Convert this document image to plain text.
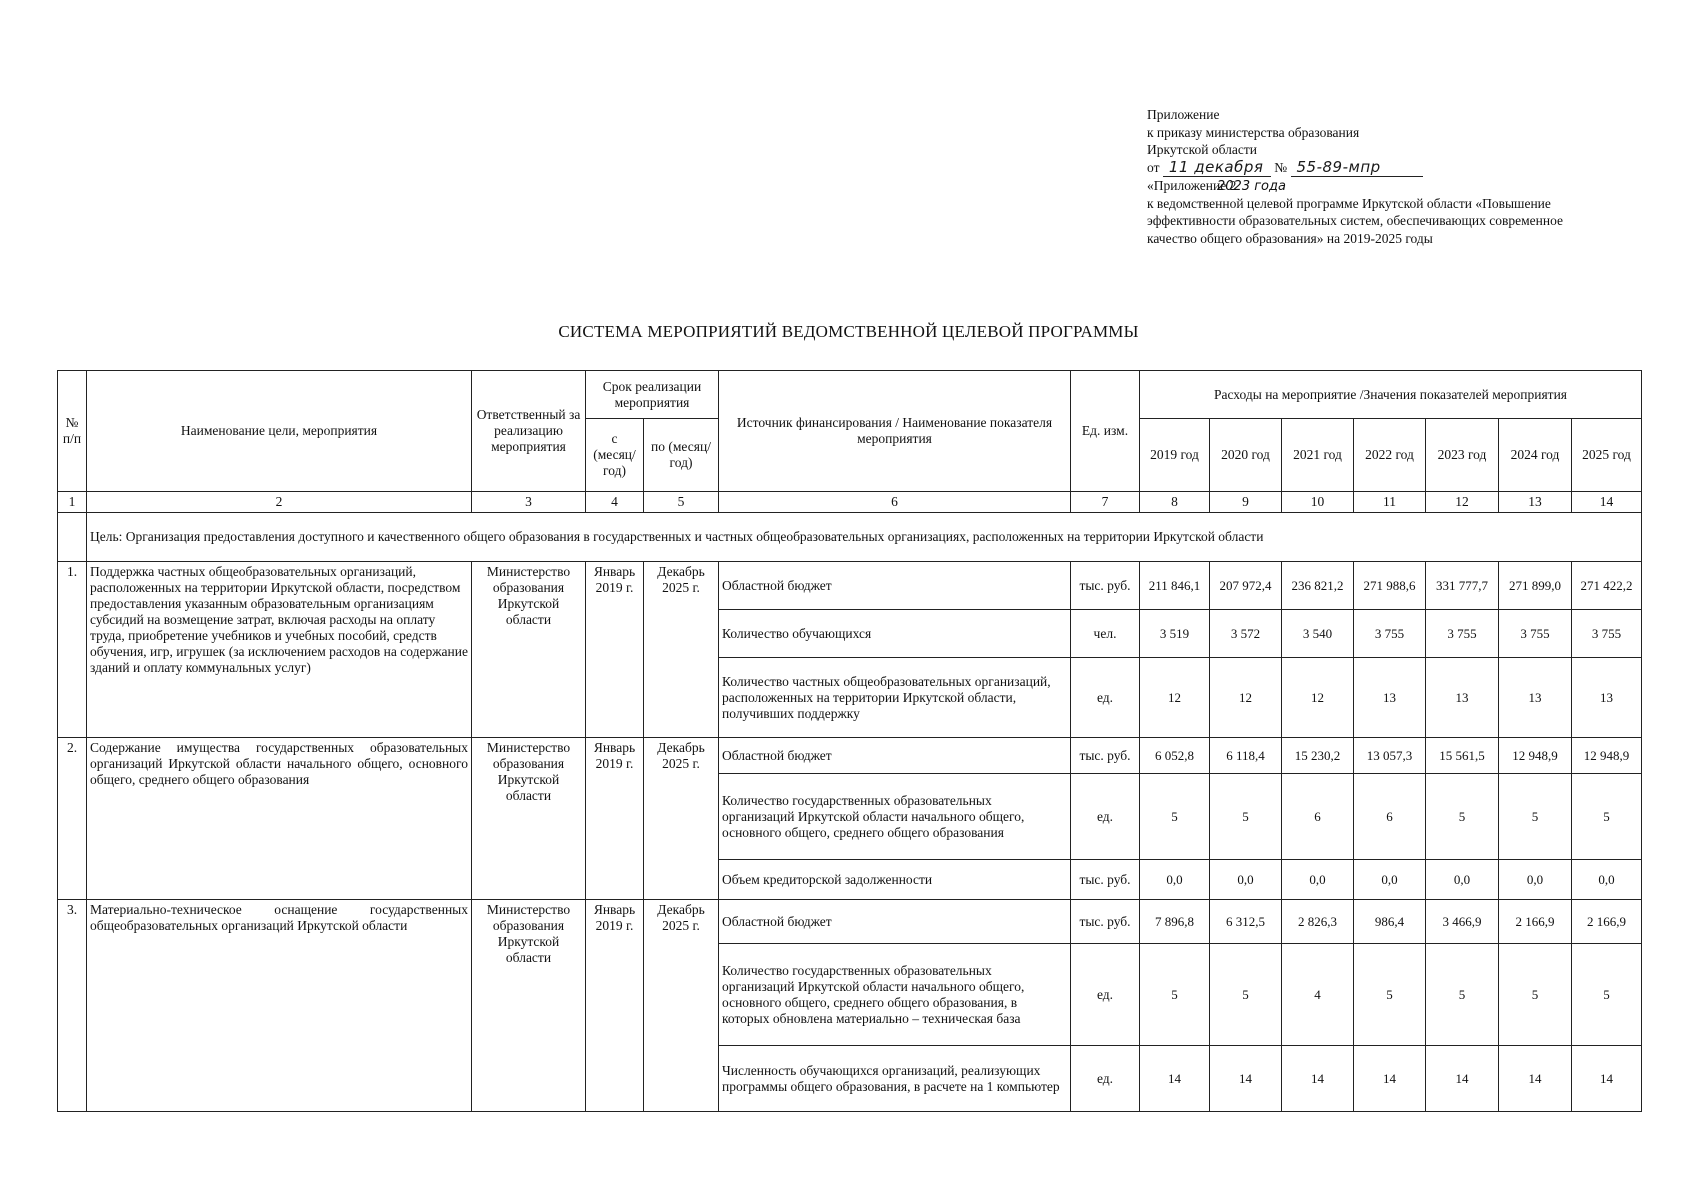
Приложение
к приказу министерства образования
Иркутской области
от 11 декабря № 55-89-мпр
2023 года
«Приложение 2
к ведомственной целевой программе Иркутской области «Повышение
эффективности образовательных систем, обеспечивающих современное
качество общего образования» на 2019-2025 годы
СИСТЕМА МЕРОПРИЯТИЙ ВЕДОМСТВЕННОЙ ЦЕЛЕВОЙ ПРОГРАММЫ
№ п/п	Наименование цели, мероприятия	Ответственный за реализацию мероприятия	Срок реализации мероприятия		Источник финансирования / Наименование показателя мероприятия	Ед. изм.	Расходы на мероприятие /Значения показателей мероприятия						
			с (месяц/ год)	по (месяц/ год)			2019 год	2020 год	2021 год	2022 год	2023 год	2024 год	2025 год
1	2	3	4	5	6	7	8	9	10	11	12	13	14
	Цель: Организация предоставления доступного и качественного общего образования в государственных и частных общеобразовательных организациях, расположенных на территории Иркутской области												
1.	Поддержка частных общеобразовательных организаций, расположенных на территории Иркутской области, посредством предоставления указанным образовательным организациям субсидий на возмещение затрат, включая расходы на оплату труда, приобретение учебников и учебных пособий, средств обучения, игр, игрушек (за исключением расходов на содержание зданий и оплату коммунальных услуг)	Министерство образования Иркутской области	Январь 2019 г.	Декабрь 2025 г.	Областной бюджет	тыс. руб.	211 846,1	207 972,4	236 821,2	271 988,6	331 777,7	271 899,0	271 422,2
					Количество обучающихся	чел.	3 519	3 572	3 540	3 755	3 755	3 755	3 755
					Количество частных общеобразовательных организаций, расположенных на территории Иркутской области, получивших поддержку	ед.	12	12	12	13	13	13	13
2.	Содержание имущества государственных образовательных организаций Иркутской области начального общего, основного общего, среднего общего образования	Министерство образования Иркутской области	Январь 2019 г.	Декабрь 2025 г.	Областной бюджет	тыс. руб.	6 052,8	6 118,4	15 230,2	13 057,3	15 561,5	12 948,9	12 948,9
					Количество государственных образовательных организаций Иркутской области начального общего, основного общего, среднего общего образования	ед.	5	5	6	6	5	5	5
					Объем кредиторской задолженности	тыс. руб.	0,0	0,0	0,0	0,0	0,0	0,0	0,0
3.	Материально-техническое оснащение государственных общеобразовательных организаций Иркутской области	Министерство образования Иркутской области	Январь 2019 г.	Декабрь 2025 г.	Областной бюджет	тыс. руб.	7 896,8	6 312,5	2 826,3	986,4	3 466,9	2 166,9	2 166,9
					Количество государственных образовательных организаций Иркутской области начального общего, основного общего, среднего общего образования, в которых обновлена материально – техническая база	ед.	5	5	4	5	5	5	5
					Численность обучающихся организаций, реализующих программы общего образования, в расчете на 1 компьютер	ед.	14	14	14	14	14	14	14
